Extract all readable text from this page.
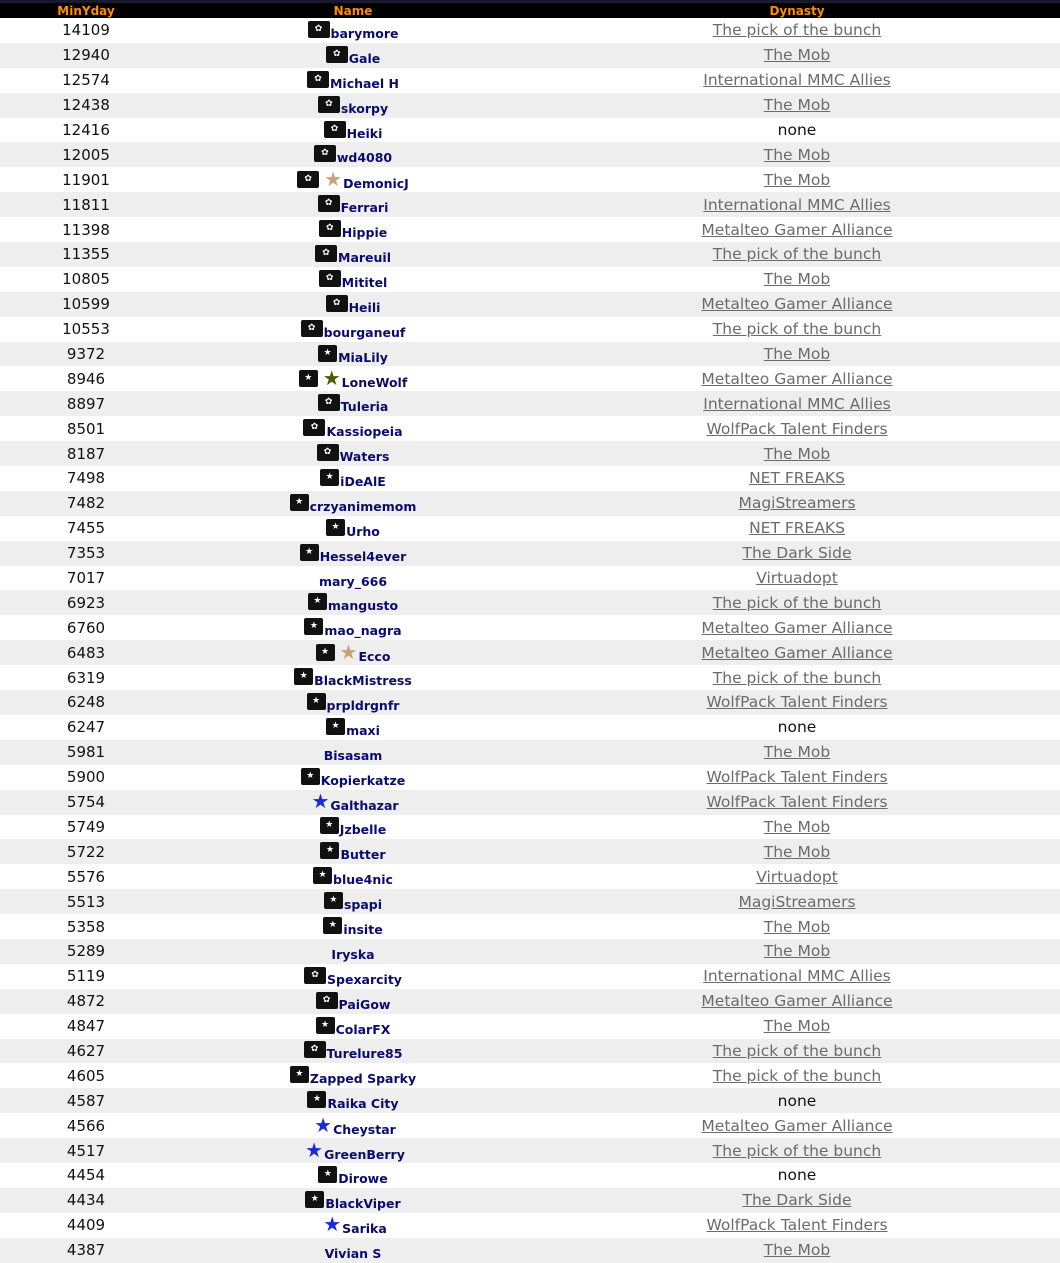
MinYday	Name	Dynasty
14109	✿ barymore	The pick of the bunch
12940	✿ Gale	The Mob
12574	✿ Michael H	International MMC Allies
12438	✿ skorpy	The Mob
12416	✿ Heiki	none
12005	✿ wd4080	The Mob
11901	✿ ★ DemonicJ	The Mob
11811	✿ Ferrari	International MMC Allies
11398	✿ Hippie	Metalteo Gamer Alliance
11355	✿ Mareuil	The pick of the bunch
10805	✿ Mititel	The Mob
10599	✿ Heili	Metalteo Gamer Alliance
10553	✿ bourganeuf	The pick of the bunch
9372	★ MiaLily	The Mob
8946	★ ★ LoneWolf	Metalteo Gamer Alliance
8897	✿ Tuleria	International MMC Allies
8501	✿ Kassiopeia	WolfPack Talent Finders
8187	✿ Waters	The Mob
7498	★ iDeAlE	NET FREAKS
7482	★ crzyanimemom	MagiStreamers
7455	★ Urho	NET FREAKS
7353	★ Hessel4ever	The Dark Side
7017	mary_666	Virtuadopt
6923	★ mangusto	The pick of the bunch
6760	★ mao_nagra	Metalteo Gamer Alliance
6483	★ ★ Ecco	Metalteo Gamer Alliance
6319	★ BlackMistress	The pick of the bunch
6248	★ prpldrgnfr	WolfPack Talent Finders
6247	★ maxi	none
5981	Bisasam	The Mob
5900	★ Kopierkatze	WolfPack Talent Finders
5754	★ Galthazar	WolfPack Talent Finders
5749	★ Jzbelle	The Mob
5722	★ Butter	The Mob
5576	★ blue4nic	Virtuadopt
5513	★ spapi	MagiStreamers
5358	★ insite	The Mob
5289	Iryska	The Mob
5119	✿ Spexarcity	International MMC Allies
4872	✿ PaiGow	Metalteo Gamer Alliance
4847	★ ColarFX	The Mob
4627	✿ Turelure85	The pick of the bunch
4605	★ Zapped Sparky	The pick of the bunch
4587	★ Raika City	none
4566	★ Cheystar	Metalteo Gamer Alliance
4517	★ GreenBerry	The pick of the bunch
4454	★ Dirowe	none
4434	★ BlackViper	The Dark Side
4409	★ Sarika	WolfPack Talent Finders
4387	Vivian S	The Mob
